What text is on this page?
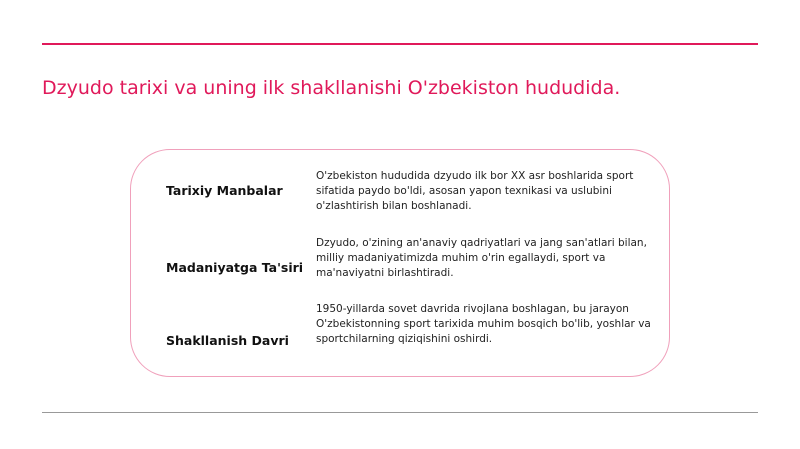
Dzyudo tarixi va uning ilk shakllanishi O'zbekiston hududida.
Tarixiy Manbalar
O'zbekiston hududida dzyudo ilk bor XX asr boshlarida sport sifatida paydo bo'ldi, asosan yapon texnikasi va uslubini o'zlashtirish bilan boshlanadi.
Madaniyatga Ta'siri
Dzyudo, o'zining an'anaviy qadriyatlari va jang san'atlari bilan, milliy madaniyatimizda muhim o'rin egallaydi, sport va ma'naviyatni birlashtiradi.
Shakllanish Davri
1950-yillarda sovet davrida rivojlana boshlagan, bu jarayon O'zbekistonning sport tarixida muhim bosqich bo'lib, yoshlar va sportchilarning qiziqishini oshirdi.
